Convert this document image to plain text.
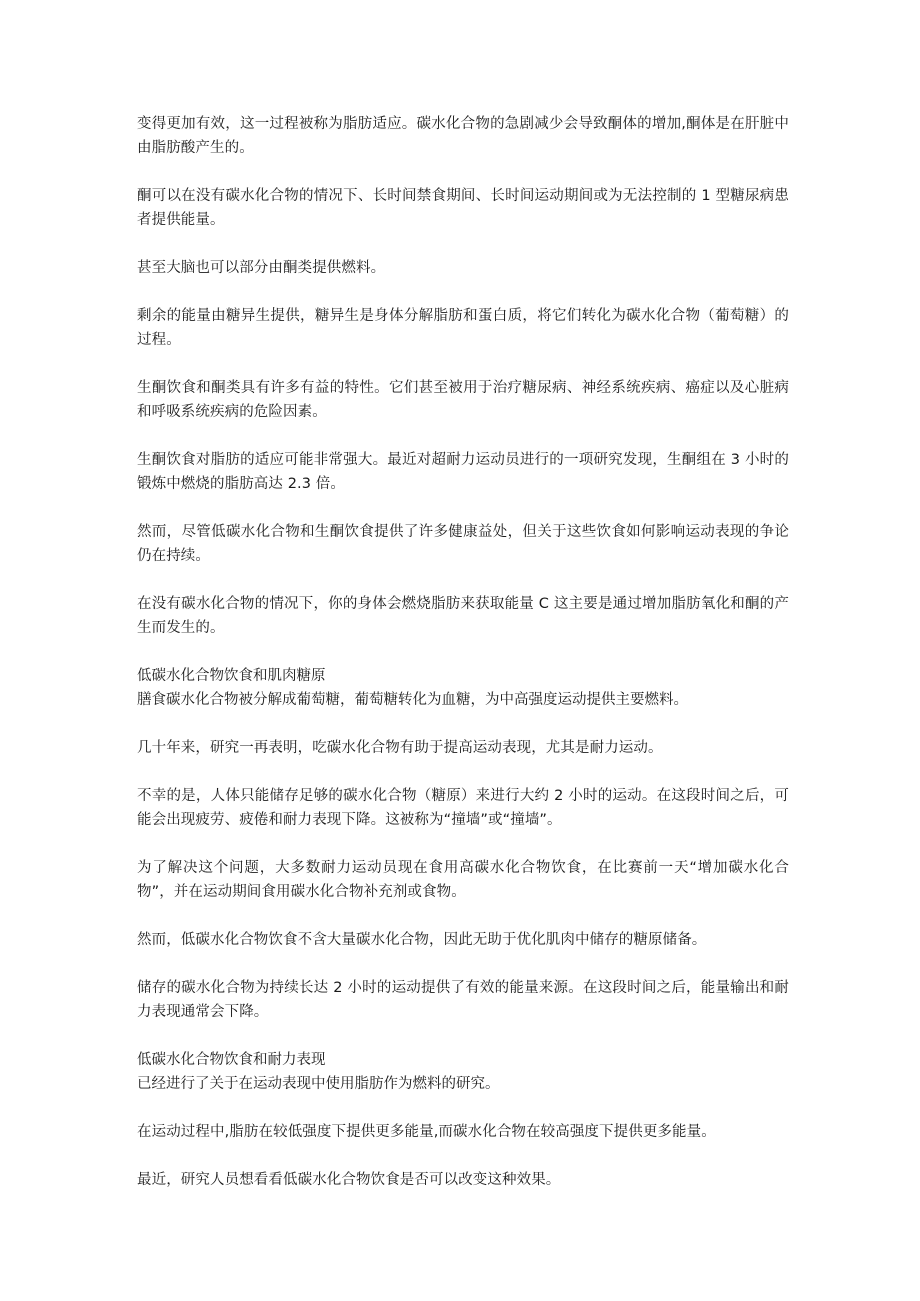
变得更加有效，这一过程被称为脂肪适应。碳水化合物的急剧减少会导致酮体的增加,酮体是在肝脏中由脂肪酸产生的。

酮可以在没有碳水化合物的情况下、长时间禁食期间、长时间运动期间或为无法控制的 1 型糖尿病患者提供能量。

甚至大脑也可以部分由酮类提供燃料。

剩余的能量由糖异生提供，糖异生是身体分解脂肪和蛋白质，将它们转化为碳水化合物（葡萄糖）的过程。

生酮饮食和酮类具有许多有益的特性。它们甚至被用于治疗糖尿病、神经系统疾病、癌症以及心脏病和呼吸系统疾病的危险因素。

生酮饮食对脂肪的适应可能非常强大。最近对超耐力运动员进行的一项研究发现，生酮组在 3 小时的锻炼中燃烧的脂肪高达 2.3 倍。

然而，尽管低碳水化合物和生酮饮食提供了许多健康益处，但关于这些饮食如何影响运动表现的争论仍在持续。

在没有碳水化合物的情况下，你的身体会燃烧脂肪来获取能量 C 这主要是通过增加脂肪氧化和酮的产生而发生的。

低碳水化合物饮食和肌肉糖原

膳食碳水化合物被分解成葡萄糖，葡萄糖转化为血糖，为中高强度运动提供主要燃料。

几十年来，研究一再表明，吃碳水化合物有助于提高运动表现，尤其是耐力运动。

不幸的是，人体只能储存足够的碳水化合物（糖原）来进行大约 2 小时的运动。在这段时间之后，可能会出现疲劳、疲倦和耐力表现下降。这被称为“撞墙”或“撞墙”。

为了解决这个问题，大多数耐力运动员现在食用高碳水化合物饮食，在比赛前一天“增加碳水化合物”，并在运动期间食用碳水化合物补充剂或食物。

然而，低碳水化合物饮食不含大量碳水化合物，因此无助于优化肌肉中储存的糖原储备。

储存的碳水化合物为持续长达 2 小时的运动提供了有效的能量来源。在这段时间之后，能量输出和耐力表现通常会下降。

低碳水化合物饮食和耐力表现

已经进行了关于在运动表现中使用脂肪作为燃料的研究。

在运动过程中,脂肪在较低强度下提供更多能量,而碳水化合物在较高强度下提供更多能量。

最近，研究人员想看看低碳水化合物饮食是否可以改变这种效果。
